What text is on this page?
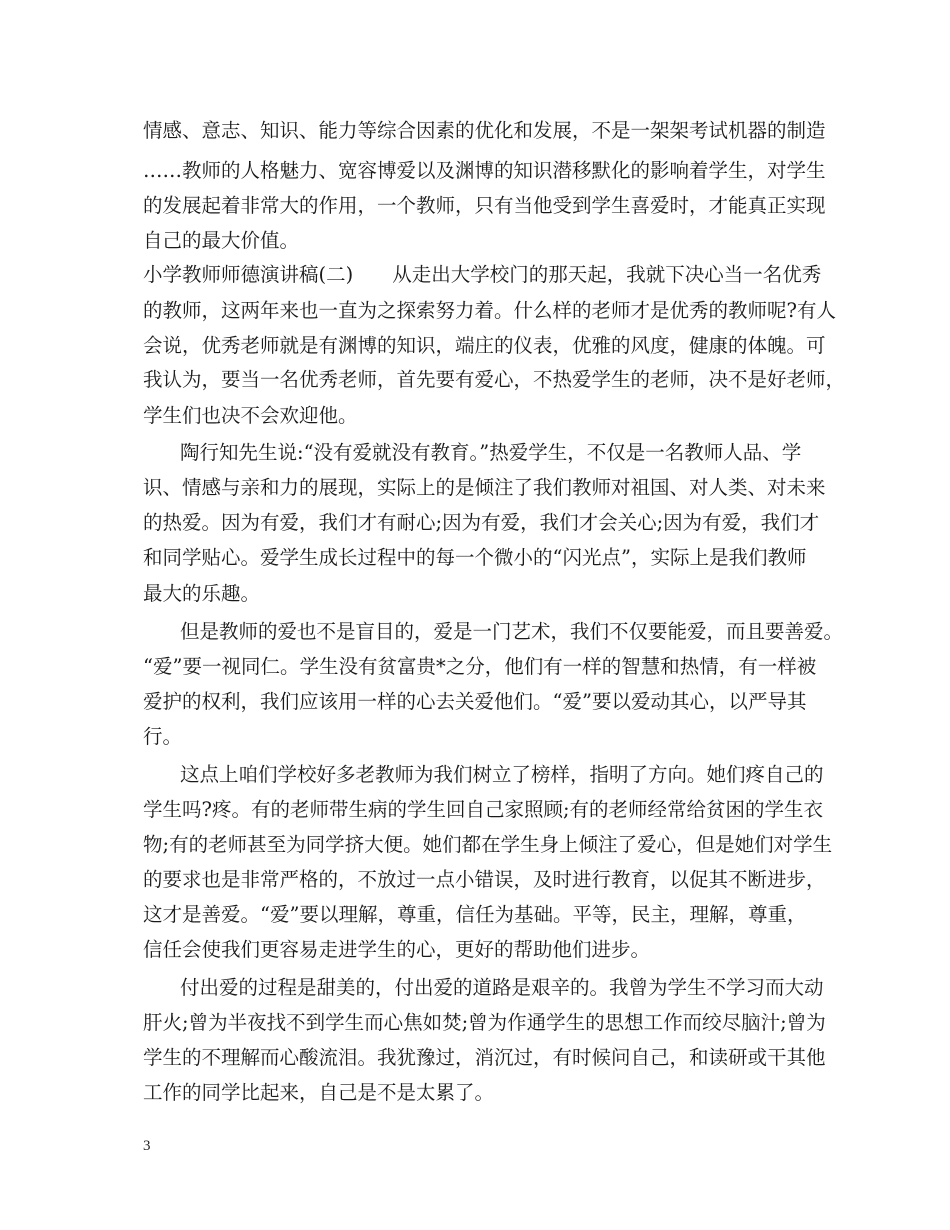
情感、意志、知识、能力等综合因素的优化和发展，不是一架架考试机器的制造
……教师的人格魅力、宽容博爱以及渊博的知识潜移默化的影响着学生，对学生
的发展起着非常大的作用，一个教师，只有当他受到学生喜爱时，才能真正实现
自己的最大价值。
小学教师师德演讲稿(二)　　从走出大学校门的那天起，我就下决心当一名优秀
的教师，这两年来也一直为之探索努力着。什么样的老师才是优秀的教师呢?有人
会说，优秀老师就是有渊博的知识，端庄的仪表，优雅的风度，健康的体魄。可
我认为，要当一名优秀老师，首先要有爱心，不热爱学生的老师，决不是好老师，
学生们也决不会欢迎他。
陶行知先生说:“没有爱就没有教育。”热爱学生，不仅是一名教师人品、学
识、情感与亲和力的展现，实际上的是倾注了我们教师对祖国、对人类、对未来
的热爱。因为有爱，我们才有耐心;因为有爱，我们才会关心;因为有爱，我们才
和同学贴心。爱学生成长过程中的每一个微小的“闪光点”，实际上是我们教师
最大的乐趣。
但是教师的爱也不是盲目的，爱是一门艺术，我们不仅要能爱，而且要善爱。
“爱”要一视同仁。学生没有贫富贵*之分，他们有一样的智慧和热情，有一样被
爱护的权利，我们应该用一样的心去关爱他们。“爱”要以爱动其心，以严导其
行。
这点上咱们学校好多老教师为我们树立了榜样，指明了方向。她们疼自己的
学生吗?疼。有的老师带生病的学生回自己家照顾;有的老师经常给贫困的学生衣
物;有的老师甚至为同学挤大便。她们都在学生身上倾注了爱心，但是她们对学生
的要求也是非常严格的，不放过一点小错误，及时进行教育，以促其不断进步，
这才是善爱。“爱”要以理解，尊重，信任为基础。平等，民主，理解，尊重，
信任会使我们更容易走进学生的心，更好的帮助他们进步。
付出爱的过程是甜美的，付出爱的道路是艰辛的。我曾为学生不学习而大动
肝火;曾为半夜找不到学生而心焦如焚;曾为作通学生的思想工作而绞尽脑汁;曾为
学生的不理解而心酸流泪。我犹豫过，消沉过，有时候问自己，和读研或干其他
工作的同学比起来，自己是不是太累了。
3
